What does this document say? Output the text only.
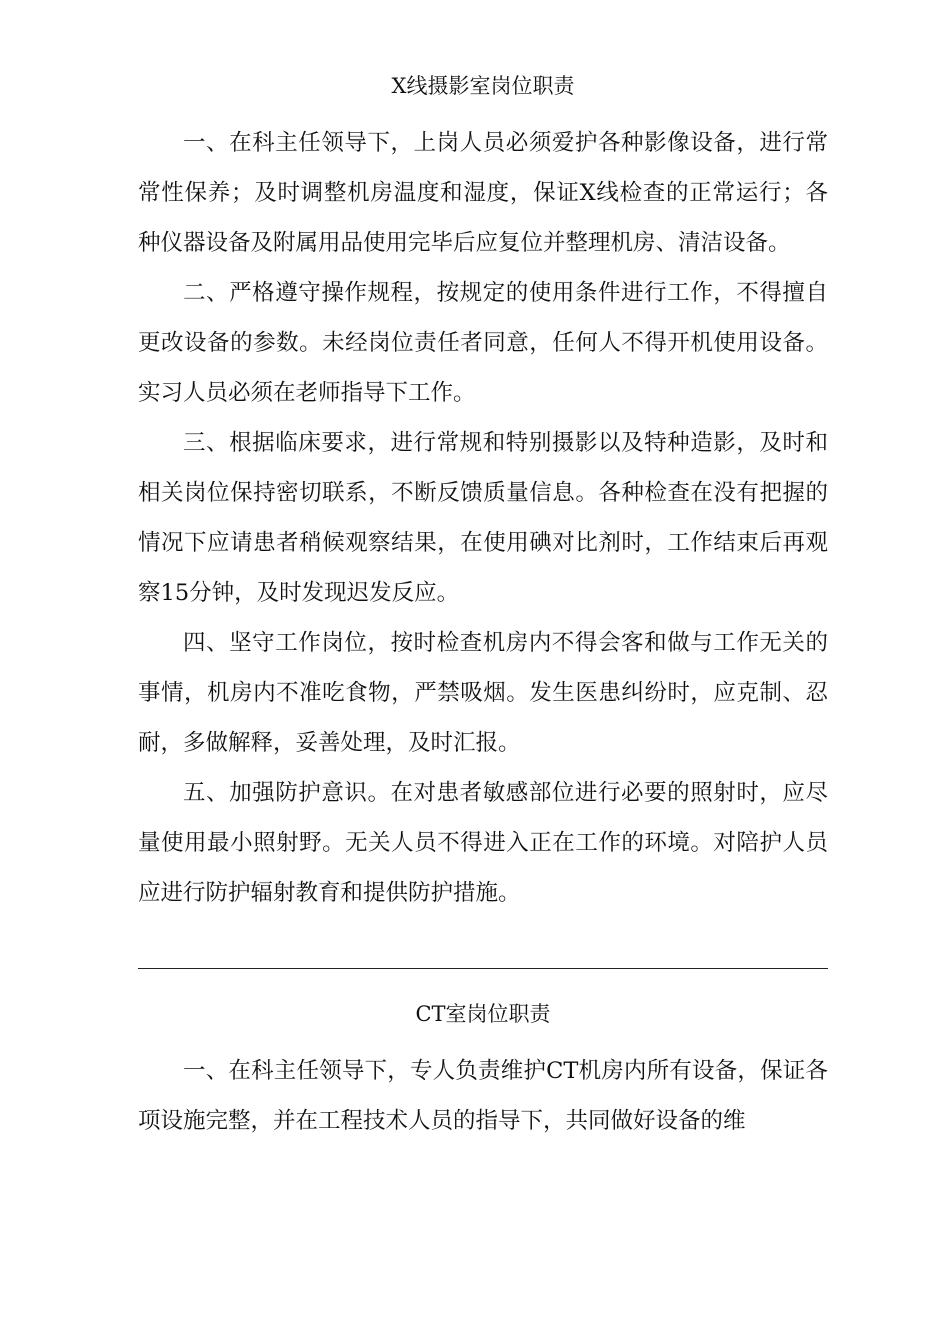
X线摄影室岗位职责

一、在科主任领导下，上岗人员必须爱护各种影像设备，进行常常性保养；及时调整机房温度和湿度，保证X线检查的正常运行；各种仪器设备及附属用品使用完毕后应复位并整理机房、清洁设备。

二、严格遵守操作规程，按规定的使用条件进行工作，不得擅自更改设备的参数。未经岗位责任者同意，任何人不得开机使用设备。实习人员必须在老师指导下工作。

三、根据临床要求，进行常规和特别摄影以及特种造影，及时和相关岗位保持密切联系，不断反馈质量信息。各种检查在没有把握的情况下应请患者稍候观察结果，在使用碘对比剂时，工作结束后再观察15分钟，及时发现迟发反应。

四、坚守工作岗位，按时检查机房内不得会客和做与工作无关的事情，机房内不准吃食物，严禁吸烟。发生医患纠纷时，应克制、忍耐，多做解释，妥善处理，及时汇报。

五、加强防护意识。在对患者敏感部位进行必要的照射时，应尽量使用最小照射野。无关人员不得进入正在工作的环境。对陪护人员应进行防护辐射教育和提供防护措施。

CT室岗位职责

一、在科主任领导下，专人负责维护CT机房内所有设备，保证各项设施完整，并在工程技术人员的指导下，共同做好设备的维
